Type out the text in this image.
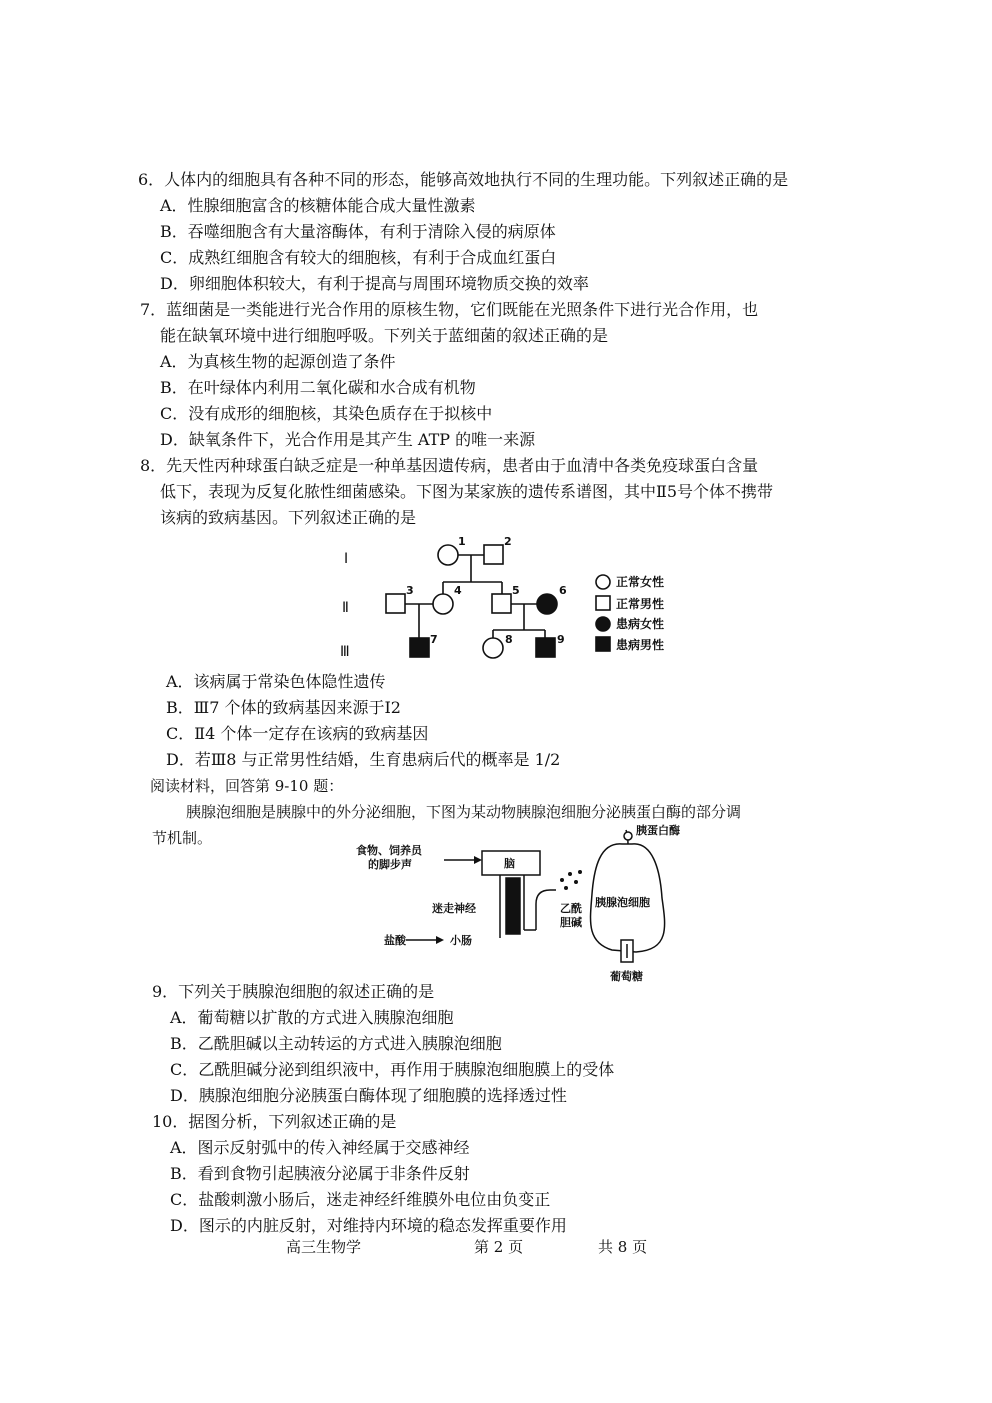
6．人体内的细胞具有各种不同的形态，能够高效地执行不同的生理功能。下列叙述正确的是
A．性腺细胞富含的核糖体能合成大量性激素
B．吞噬细胞含有大量溶酶体，有利于清除入侵的病原体
C．成熟红细胞含有较大的细胞核，有利于合成血红蛋白
D．卵细胞体积较大，有利于提高与周围环境物质交换的效率
7．蓝细菌是一类能进行光合作用的原核生物，它们既能在光照条件下进行光合作用，也
能在缺氧环境中进行细胞呼吸。下列关于蓝细菌的叙述正确的是
A．为真核生物的起源创造了条件
B．在叶绿体内利用二氧化碳和水合成有机物
C．没有成形的细胞核，其染色质存在于拟核中
D．缺氧条件下，光合作用是其产生 ATP 的唯一来源
8．先天性丙种球蛋白缺乏症是一种单基因遗传病，患者由于血清中各类免疫球蛋白含量
低下，表现为反复化脓性细菌感染。下图为某家族的遗传系谱图，其中Ⅱ5号个体不携带
该病的致病基因。下列叙述正确的是
Ⅰ
Ⅱ
Ⅲ
1	2
3	4	5	6
7	8	9
正常女性
正常男性
患病女性
患病男性
A．该病属于常染色体隐性遗传
B．Ⅲ7 个体的致病基因来源于Ⅰ2
C．Ⅱ4 个体一定存在该病的致病基因
D．若Ⅲ8 与正常男性结婚，生育患病后代的概率是 1/2
阅读材料，回答第 9-10 题：
胰腺泡细胞是胰腺中的外分泌细胞，下图为某动物胰腺泡细胞分泌胰蛋白酶的部分调
节机制。
食物、饲养员
的脚步声	脑
迷走神经
盐酸	小肠
乙酰
胆碱
胰腺泡细胞
胰蛋白酶
葡萄糖
9．下列关于胰腺泡细胞的叙述正确的是
A．葡萄糖以扩散的方式进入胰腺泡细胞
B．乙酰胆碱以主动转运的方式进入胰腺泡细胞
C．乙酰胆碱分泌到组织液中，再作用于胰腺泡细胞膜上的受体
D．胰腺泡细胞分泌胰蛋白酶体现了细胞膜的选择透过性
10．据图分析，下列叙述正确的是
A．图示反射弧中的传入神经属于交感神经
B．看到食物引起胰液分泌属于非条件反射
C．盐酸刺激小肠后，迷走神经纤维膜外电位由负变正
D．图示的内脏反射，对维持内环境的稳态发挥重要作用
高三生物学	第 2 页	共 8 页
